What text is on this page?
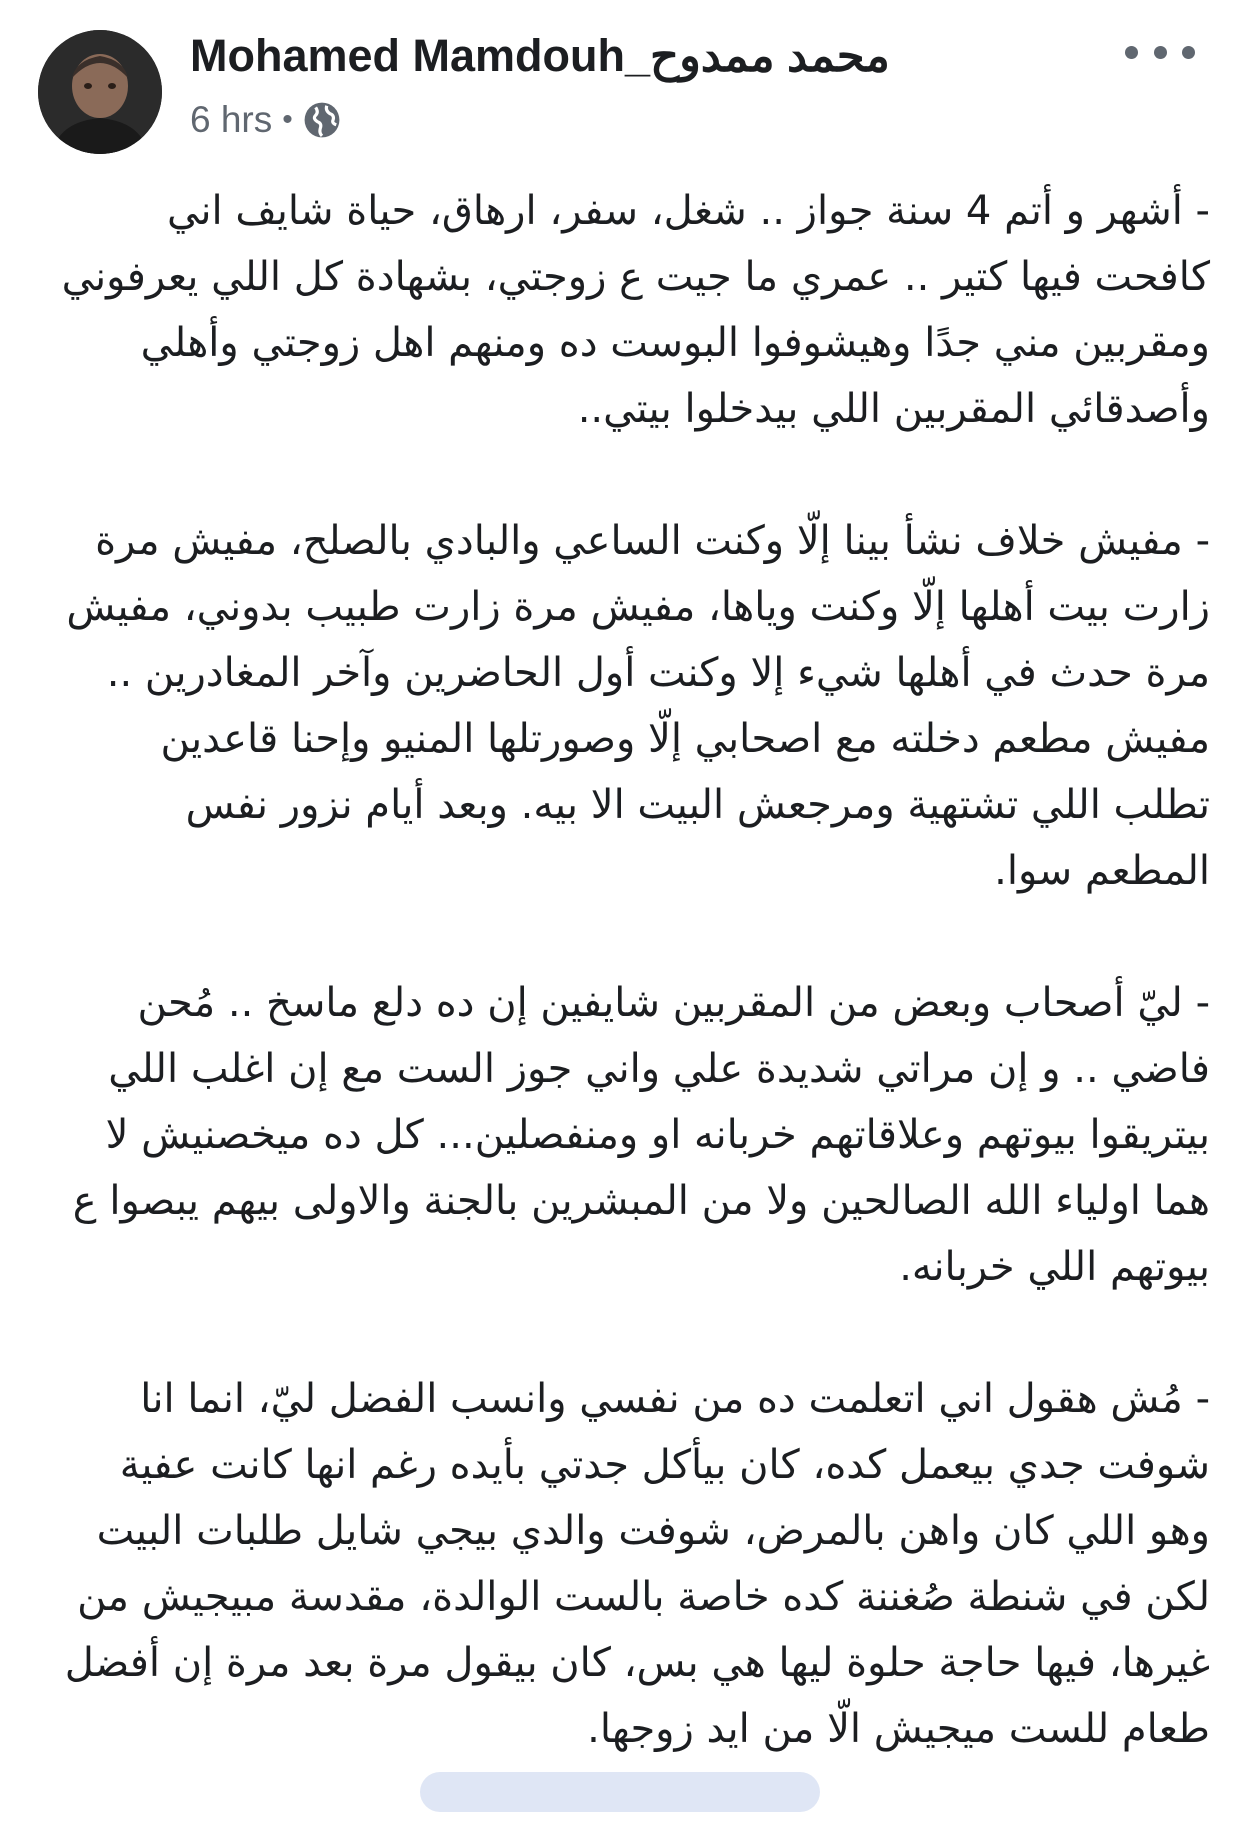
Mohamed Mamdouh_محمد ممدوح
6 hrs •

- أشهر و أتم 4 سنة جواز .. شغل، سفر، ارهاق، حياة شايف اني كافحت فيها كتير .. عمري ما جيت ع زوجتي، بشهادة كل اللي يعرفوني ومقربين مني جدًا وهيشوفوا البوست ده ومنهم اهل زوجتي وأهلي وأصدقائي المقربين اللي بيدخلوا بيتي..

- مفيش خلاف نشأ بينا إلّا وكنت الساعي والبادي بالصلح، مفيش مرة زارت بيت أهلها إلّا وكنت وياها، مفيش مرة زارت طبيب بدوني، مفيش مرة حدث في أهلها شيء إلا وكنت أول الحاضرين وآخر المغادرين .. مفيش مطعم دخلته مع اصحابي إلّا وصورتلها المنيو وإحنا قاعدين تطلب اللي تشتهية ومرجعش البيت الا بيه. وبعد أيام نزور نفس المطعم سوا.

- ليّ أصحاب وبعض من المقربين شايفين إن ده دلع ماسخ .. مُحن فاضي .. و إن مراتي شديدة علي واني جوز الست مع إن اغلب اللي بيتريقوا بيوتهم وعلاقاتهم خربانه او ومنفصلين... كل ده ميخصنيش لا هما اولياء الله الصالحين ولا من المبشرين بالجنة والاولى بيهم يبصوا ع بيوتهم اللي خربانه.

- مُش هقول اني اتعلمت ده من نفسي وانسب الفضل ليّ، انما انا شوفت جدي بيعمل كده، كان بيأكل جدتي بأيده رغم انها كانت عفية وهو اللي كان واهن بالمرض، شوفت والدي بيجي شايل طلبات البيت لكن في شنطة صُغننة كده خاصة بالست الوالدة، مقدسة مبيجيش من غيرها، فيها حاجة حلوة ليها هي بس، كان بيقول مرة بعد مرة إن أفضل طعام للست ميجيش الّا من ايد زوجها.
